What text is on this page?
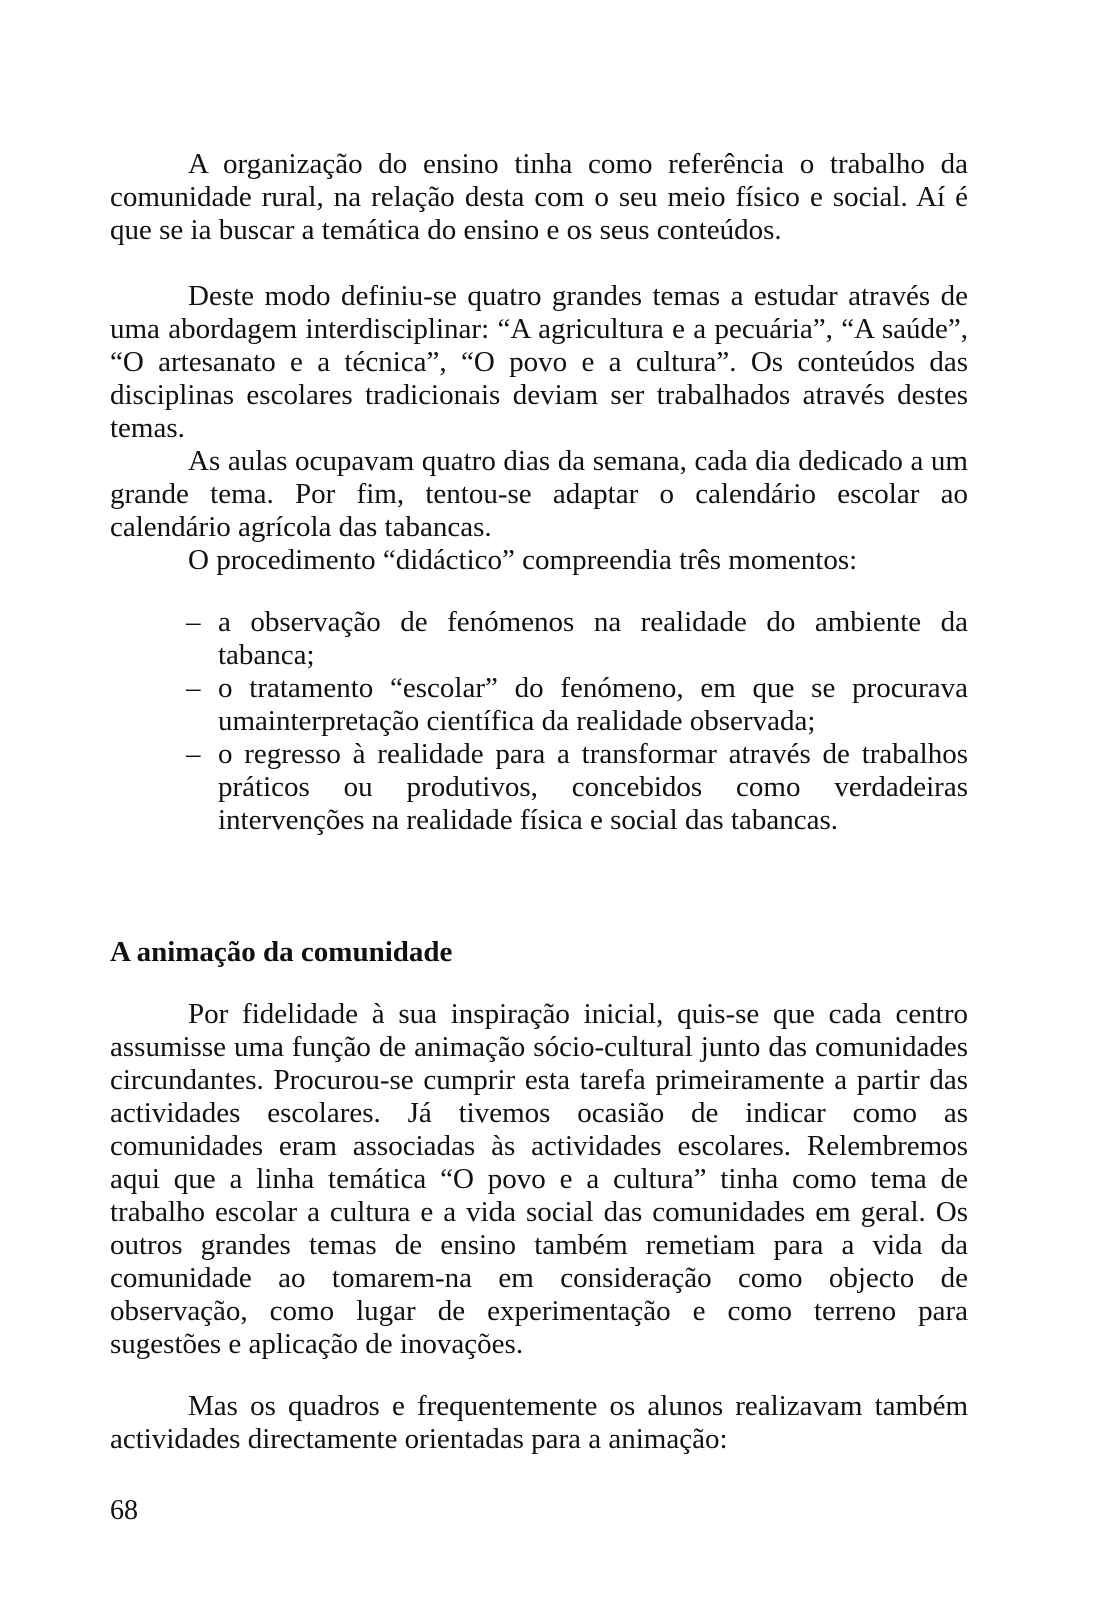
A organização do ensino tinha como referência o trabalho da comunidade rural, na relação desta com o seu meio físico e social. Aí é que se ia buscar a temática do ensino e os seus conteúdos.

Deste modo definiu-se quatro grandes temas a estudar através de uma abordagem interdisciplinar: “A agricultura e a pecuária”, “A saúde”, “O artesanato e a técnica”, “O povo e a cultura”. Os conteúdos das disciplinas escolares tradicionais deviam ser trabalhados através destes temas.

As aulas ocupavam quatro dias da semana, cada dia dedicado a um grande tema. Por fim, tentou-se adaptar o calendário escolar ao calendário agrícola das tabancas.

O procedimento “didáctico” compreendia três momentos:

– a observação de fenómenos na realidade do ambiente da tabanca;
– o tratamento “escolar” do fenómeno, em que se procurava umainterpretação científica da realidade observada;
– o regresso à realidade para a transformar através de trabalhos práticos ou produtivos, concebidos como verdadeiras intervenções na realidade física e social das tabancas.
A animação da comunidade

Por fidelidade à sua inspiração inicial, quis-se que cada centro assumisse uma função de animação sócio-cultural junto das comunidades circundantes. Procurou-se cumprir esta tarefa primeiramente a partir das actividades escolares. Já tivemos ocasião de indicar como as comunidades eram associadas às actividades escolares. Relembremos aqui que a linha temática “O povo e a cultura” tinha como tema de trabalho escolar a cultura e a vida social das comunidades em geral. Os outros grandes temas de ensino também remetiam para a vida da comunidade ao tomarem-na em consideração como objecto de observação, como lugar de experimentação e como terreno para sugestões e aplicação de inovações.

Mas os quadros e frequentemente os alunos realizavam também actividades directamente orientadas para a animação:

68
